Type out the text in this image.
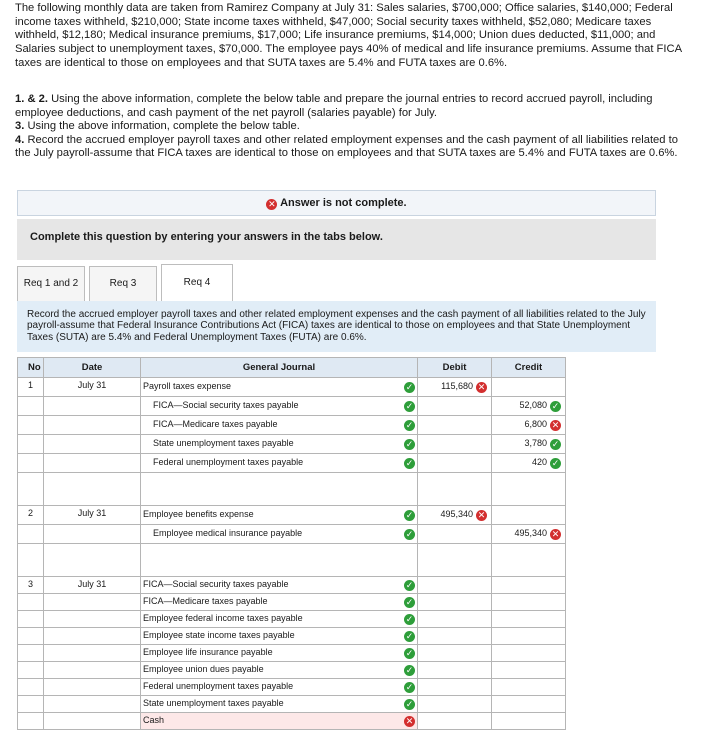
The following monthly data are taken from Ramirez Company at July 31: Sales salaries, $700,000; Office salaries, $140,000; Federal income taxes withheld, $210,000; State income taxes withheld, $47,000; Social security taxes withheld, $52,080; Medicare taxes withheld, $12,180; Medical insurance premiums, $17,000; Life insurance premiums, $14,000; Union dues deducted, $11,000; and Salaries subject to unemployment taxes, $70,000. The employee pays 40% of medical and life insurance premiums. Assume that FICA taxes are identical to those on employees and that SUTA taxes are 5.4% and FUTA taxes are 0.6%.

1. & 2. Using the above information, complete the below table and prepare the journal entries to record accrued payroll, including employee deductions, and cash payment of the net payroll (salaries payable) for July.

3. Using the above information, complete the below table.

4. Record the accrued employer payroll taxes and other related employment expenses and the cash payment of all liabilities related to the July payroll-assume that FICA taxes are identical to those on employees and that SUTA taxes are 5.4% and FUTA taxes are 0.6%.

✕ Answer is not complete.
Complete this question by entering your answers in the tabs below.
Req 1 and 2	Req 3	Req 4
Record the accrued employer payroll taxes and other related employment expenses and the cash payment of all liabilities related to the July payroll-assume that Federal Insurance Contributions Act (FICA) taxes are identical to those on employees and that State Unemployment Taxes (SUTA) are 5.4% and Federal Unemployment Taxes (FUTA) are 0.6%.
No	Date	General Journal	Debit	Credit
1	July 31	Payroll taxes expense ✓	115,680 ✕	
		FICA—Social security taxes payable ✓		52,080 ✓
		FICA—Medicare taxes payable ✓		6,800 ✕
		State unemployment taxes payable ✓		3,780 ✓
		Federal unemployment taxes payable ✓		420 ✓

2	July 31	Employee benefits expense ✓	495,340 ✕	
		Employee medical insurance payable ✓		495,340 ✕

3	July 31	FICA—Social security taxes payable ✓		

		FICA—Medicare taxes payable ✓		

		Employee federal income taxes payable ✓		

		Employee state income taxes payable ✓		

		Employee life insurance payable ✓		

		Employee union dues payable ✓		

		Federal unemployment taxes payable ✓		

		State unemployment taxes payable ✓		

		Cash ✕		
